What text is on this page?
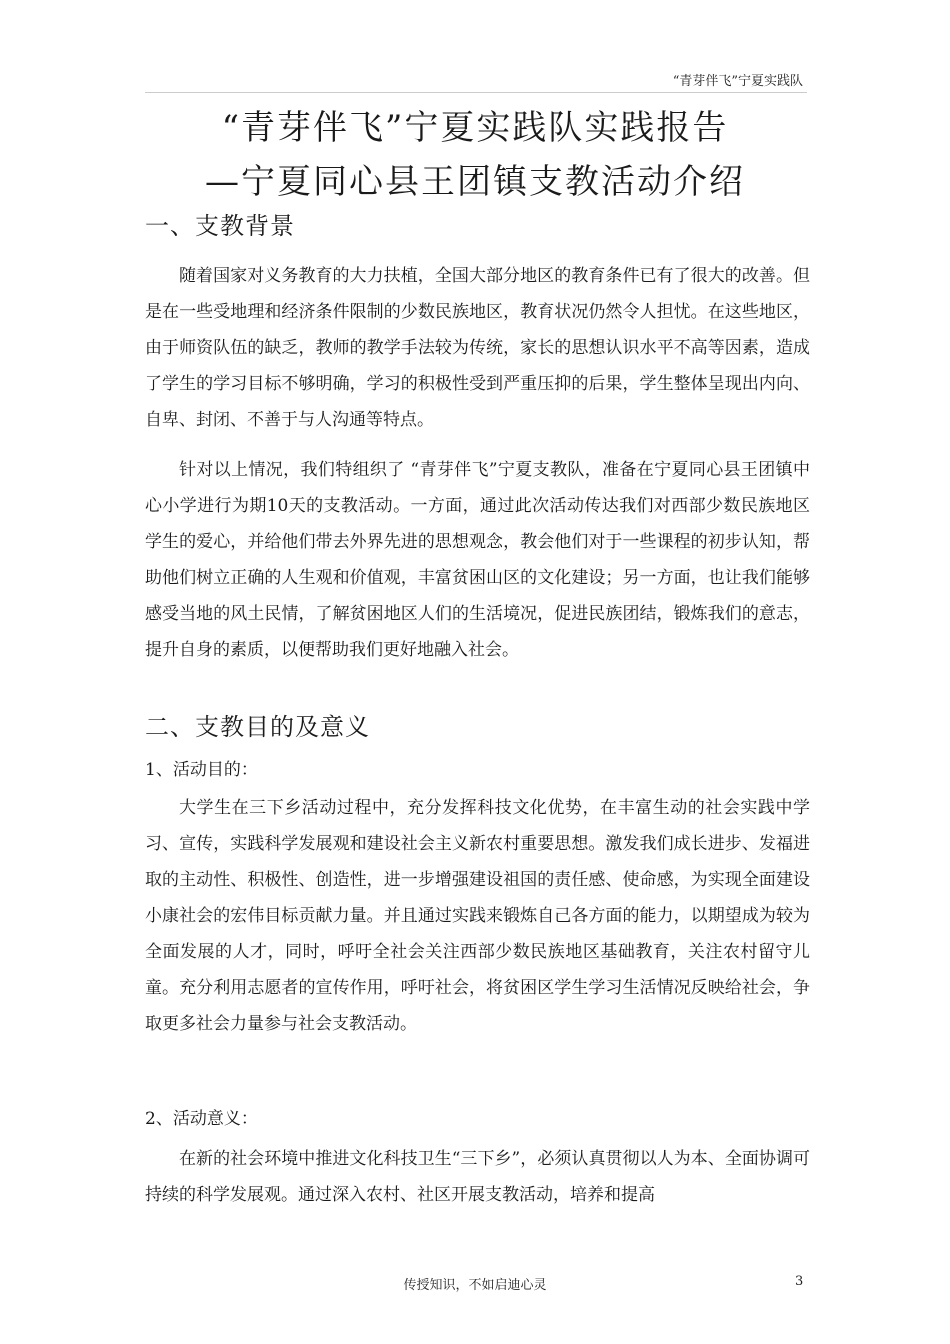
“青芽伴飞”宁夏实践队
“青芽伴飞”宁夏实践队实践报告
—宁夏同心县王团镇支教活动介绍
一、支教背景

随着国家对义务教育的大力扶植，全国大部分地区的教育条件已有了很大的改善。但是在一些受地理和经济条件限制的少数民族地区，教育状况仍然令人担忧。在这些地区，由于师资队伍的缺乏，教师的教学手法较为传统，家长的思想认识水平不高等因素，造成了学生的学习目标不够明确，学习的积极性受到严重压抑的后果，学生整体呈现出内向、自卑、封闭、不善于与人沟通等特点。

针对以上情况，我们特组织了 “青芽伴飞”宁夏支教队，准备在宁夏同心县王团镇中心小学进行为期10天的支教活动。一方面，通过此次活动传达我们对西部少数民族地区学生的爱心，并给他们带去外界先进的思想观念，教会他们对于一些课程的初步认知，帮助他们树立正确的人生观和价值观，丰富贫困山区的文化建设；另一方面，也让我们能够感受当地的风土民情，了解贫困地区人们的生活境况，促进民族团结，锻炼我们的意志，提升自身的素质，以便帮助我们更好地融入社会。

二、支教目的及意义
1、活动目的：

大学生在三下乡活动过程中，充分发挥科技文化优势，在丰富生动的社会实践中学习、宣传，实践科学发展观和建设社会主义新农村重要思想。激发我们成长进步、发福进取的主动性、积极性、创造性，进一步增强建设祖国的责任感、使命感，为实现全面建设小康社会的宏伟目标贡献力量。并且通过实践来锻炼自己各方面的能力，以期望成为较为全面发展的人才，同时，呼吁全社会关注西部少数民族地区基础教育，关注农村留守儿童。充分利用志愿者的宣传作用，呼吁社会，将贫困区学生学习生活情况反映给社会，争取更多社会力量参与社会支教活动。

2、活动意义：

在新的社会环境中推进文化科技卫生“三下乡”，必须认真贯彻以人为本、全面协调可持续的科学发展观。通过深入农村、社区开展支教活动，培养和提高

传授知识，不如启迪心灵	3
